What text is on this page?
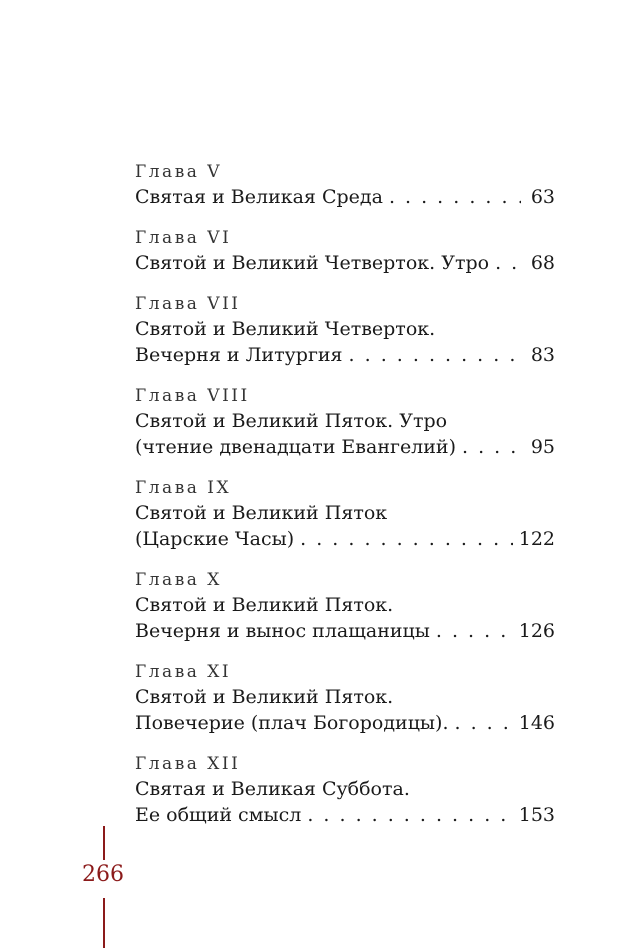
Глава V
Святая и Великая Среда . . .	63
Глава VI
Святой и Великий Четверток. Утро . . .	68
Глава VII
Святой и Великий Четверток.
Вечерня и Литургия . . .	83
Глава VIII
Святой и Великий Пяток. Утро
(чтение двенадцати Евангелий) . . .	95
Глава IX
Святой и Великий Пяток
(Царские Часы) . . .	122
Глава X
Святой и Великий Пяток.
Вечерня и вынос плащаницы . . .	126
Глава XI
Святой и Великий Пяток.
Повечерие (плач Богородицы). . . .	146
Глава XII
Святая и Великая Суббота.
Ее общий смысл . . .	153
266
